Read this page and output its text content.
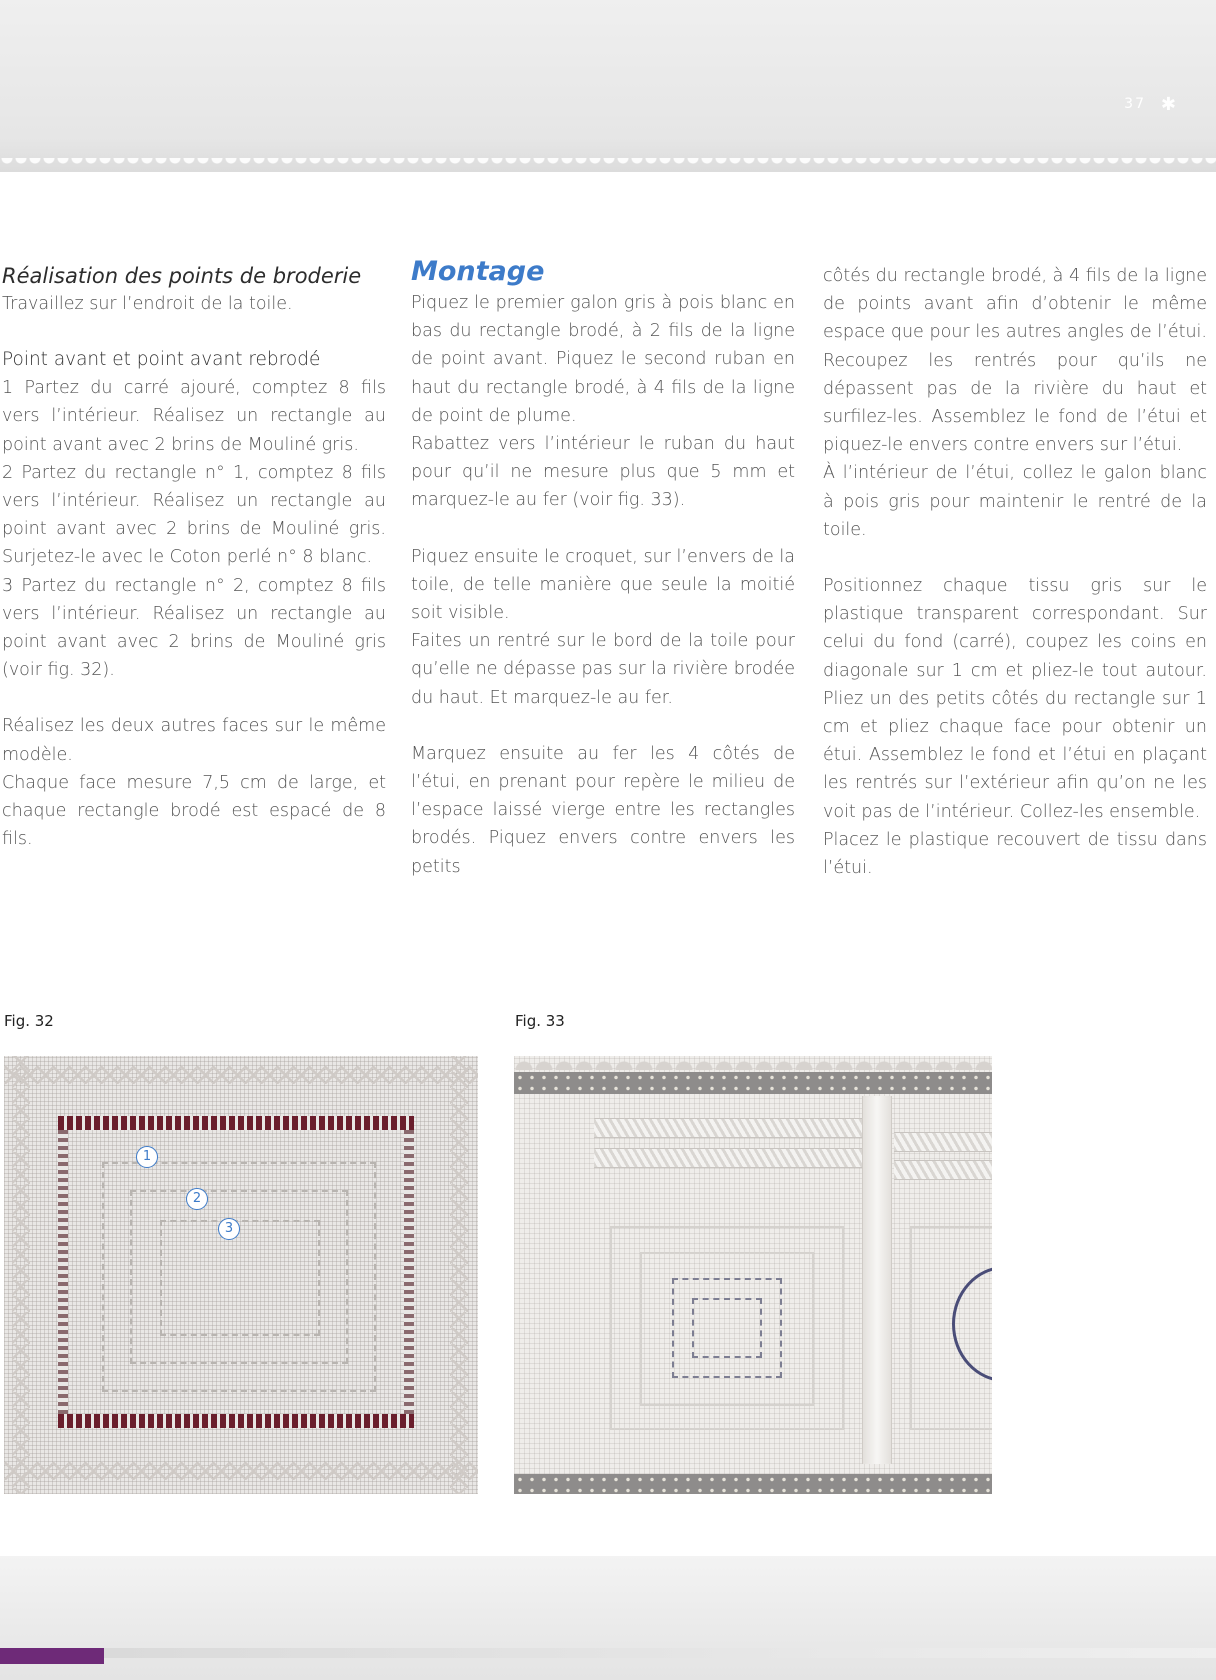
37 ✱

Réalisation des points de broderie

Travaillez sur l’endroit de la toile.

Point avant et point avant rebrodé

1 Partez du carré ajouré, comptez 8 fils vers l’intérieur. Réalisez un rectangle au point avant avec 2 brins de Mouliné gris.

2 Partez du rectangle n° 1, comptez 8 fils vers l’intérieur. Réalisez un rectangle au point avant avec 2 brins de Mouliné gris. Surjetez-le avec le Coton perlé n° 8 blanc.

3 Partez du rectangle n° 2, comptez 8 fils vers l’intérieur. Réalisez un rectangle au point avant avec 2 brins de Mouliné gris (voir fig. 32).

Réalisez les deux autres faces sur le même modèle.

Chaque face mesure 7,5 cm de large, et chaque rectangle brodé est espacé de 8 fils.

Montage

Piquez le premier galon gris à pois blanc en bas du rectangle brodé, à 2 fils de la ligne de point avant. Piquez le second ruban en haut du rectangle brodé, à 4 fils de la ligne de point de plume.

Rabattez vers l’intérieur le ruban du haut pour qu’il ne mesure plus que 5 mm et marquez-le au fer (voir fig. 33).

Piquez ensuite le croquet, sur l’envers de la toile, de telle manière que seule la moitié soit visible.

Faites un rentré sur le bord de la toile pour qu’elle ne dépasse pas sur la rivière brodée du haut. Et marquez-le au fer.

Marquez ensuite au fer les 4 côtés de l’étui, en prenant pour repère le milieu de l’espace laissé vierge entre les rectangles brodés. Piquez envers contre envers les petits

côtés du rectangle brodé, à 4 fils de la ligne de points avant afin d’obtenir le même espace que pour les autres angles de l’étui. Recoupez les rentrés pour qu’ils ne dépassent pas de la rivière du haut et surfilez-les. Assemblez le fond de l’étui et piquez-le envers contre envers sur l’étui.

À l’intérieur de l’étui, collez le galon blanc à pois gris pour maintenir le rentré de la toile.

Positionnez chaque tissu gris sur le plastique transparent correspondant. Sur celui du fond (carré), coupez les coins en diagonale sur 1 cm et pliez-le tout autour. Pliez un des petits côtés du rectangle sur 1 cm et pliez chaque face pour obtenir un étui. Assemblez le fond et l’étui en plaçant les rentrés sur l’extérieur afin qu’on ne les voit pas de l’intérieur. Collez-les ensemble.

Placez le plastique recouvert de tissu dans l’étui.

Fig. 32	Fig. 33
1
2
3
